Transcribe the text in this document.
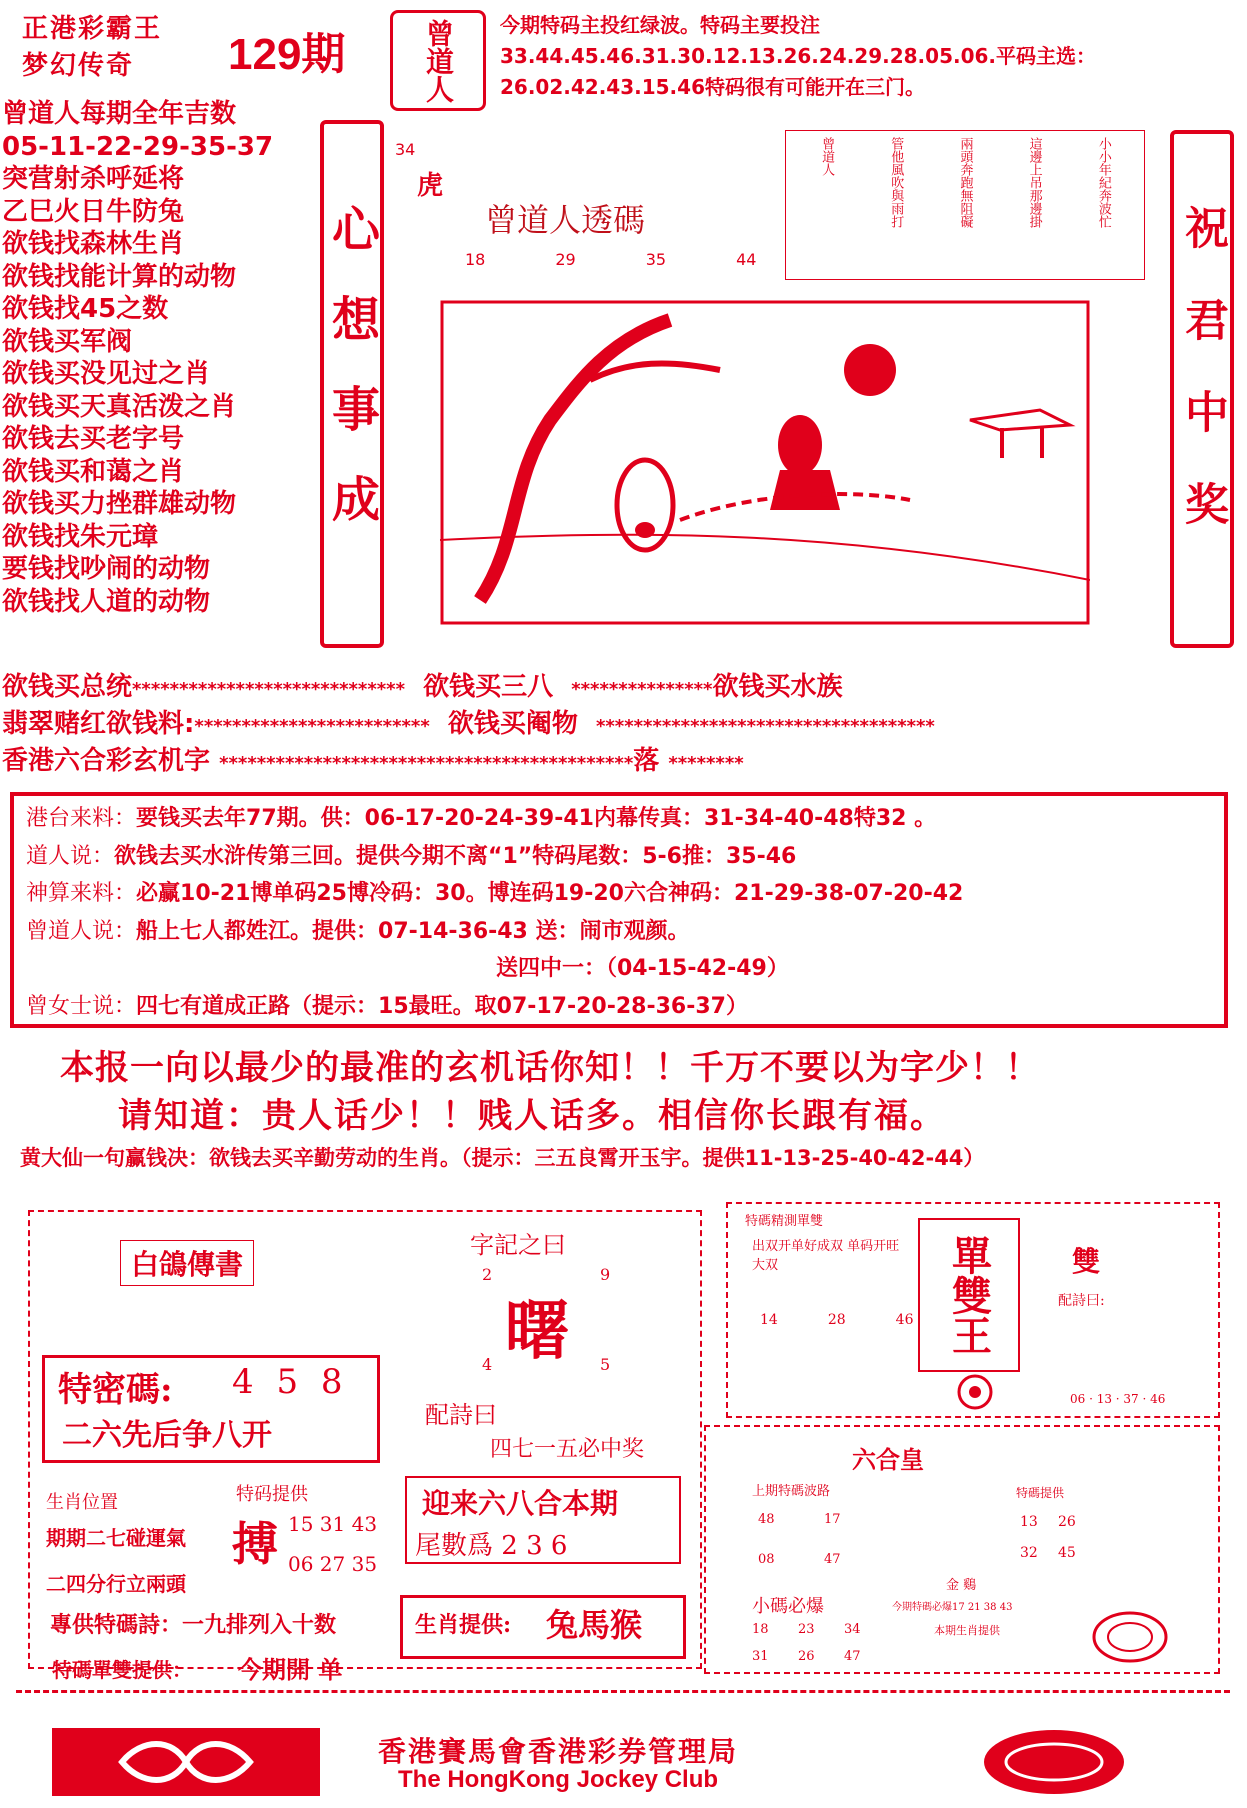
正港彩霸王
梦幻传奇	129期	曾道人 今期特码主投红绿波。特码主要投注33.44.45.46.31.30.12.13.26.24.29.28.05.06.平码主选：26.02.42.43.15.46特码很有可能开在三门。
曾道人每期全年吉数
05-11-22-29-35-37
突营射杀呼延将
乙巳火日牛防兔
欲钱找森林生肖
欲钱找能计算的动物
欲钱找45之数
欲钱买军阀
欲钱买没见过之肖
欲钱买天真活泼之肖
欲钱去买老字号
欲钱买和蔼之肖
欲钱买力挫群雄动物
欲钱找朱元璋
要钱找吵闹的动物
欲钱找人道的动物
心想事成	祝君中奖
虎
34
曾道人透碼
18	29	35	44
小小年紀奔波忙
這邊上吊那邊掛
兩頭奔跑無阻礙
管他風吹與雨打
曾道人
欲钱买总统***************************** 欲钱买三八 ***************欲钱买水族
翡翠赌红欲钱料:************************* 欲钱买阉物 ************************************
香港六合彩玄机字 ********************************************落 ********
港台来料：要钱买去年77期。供：06-17-20-24-39-41内幕传真：31-34-40-48特32 。
道人说：欲钱去买水浒传第三回。提供今期不离“1”特码尾数：5-6推：35-46
神算来料：必赢10-21博单码25博冷码：30。博连码19-20六合神码：21-29-38-07-20-42
曾道人说：船上七人都姓江。提供：07-14-36-43 送：闹市观颜。
送四中一：（04-15-42-49）
曾女士说：四七有道成正路（提示：15最旺。取07-17-20-28-36-37）
本报一向以最少的最准的玄机话你知！！千万不要以为字少！！
请知道：贵人话少！！贱人话多。相信你长跟有福。
黄大仙一句赢钱决：欲钱去买辛勤劳动的生肖。（提示：三五良霄开玉宇。提供11-13-25-40-42-44）
白鴿傳書
字記之曰
2	9
曙
4	5
配詩曰
四七一五必中奖
特密碼: 4 5 8
二六先后争八开
生肖位置
期期二七碰運氣
二四分行立兩頭
特码提供
搏 15 31 43
06 27 35
專供特碼詩：一九排列入十数
特碼單雙提供： 今期開 单
迎来六八合本期
尾數爲 2 3 6
生肖提供: 兔馬猴
特碼精測單雙
出双开单好成双 单码开旺大双
14	28	46 單雙王	雙
配詩曰:
06 · 13 · 37 · 46
六合皇
上期特碼波路
48	17
08	47
特碼提供
13 26
32 45
金 鷄
小碼必爆	今期特碼必爆17 21 38 43
18	23	34
31	26	47
本期生肖提供
香港賽馬會香港彩券管理局
The HongKong Jockey Club
